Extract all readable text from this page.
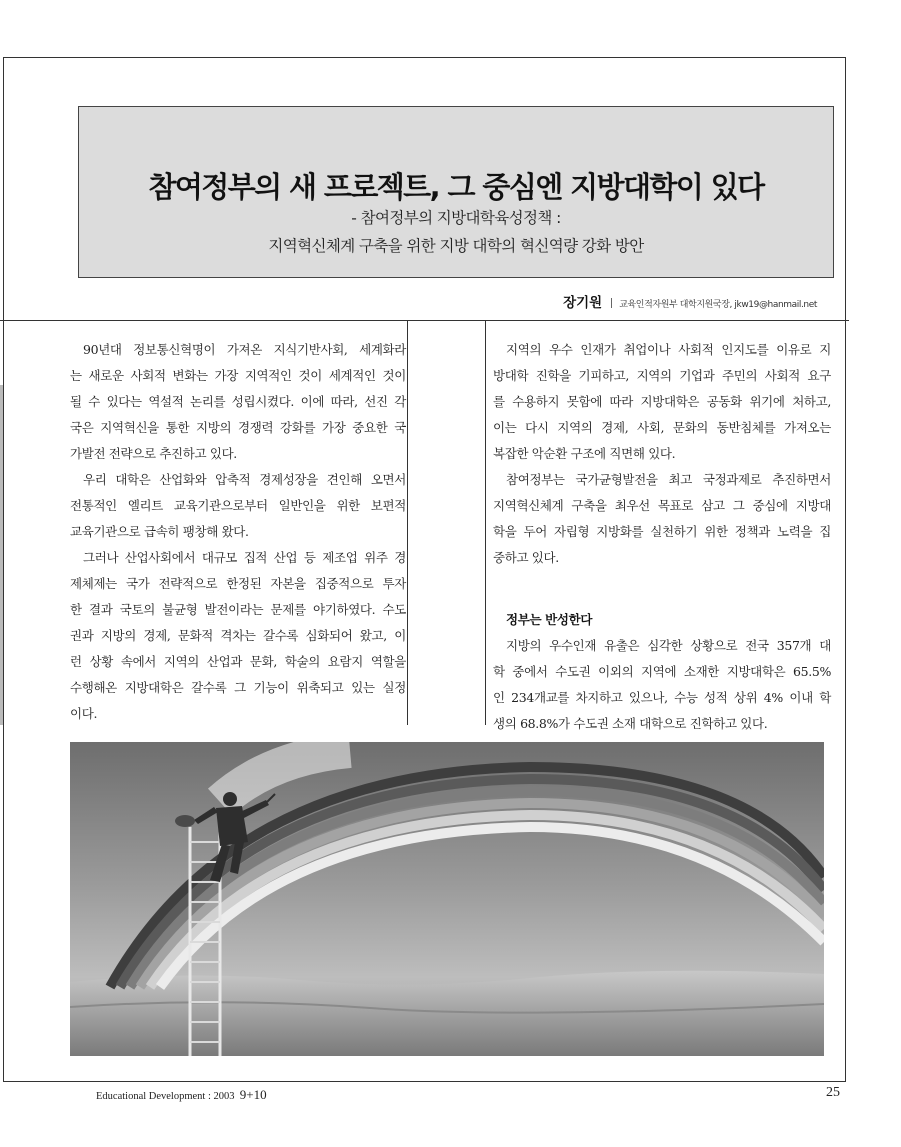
참여정부의 새 프로젝트, 그 중심엔 지방대학이 있다
- 참여정부의 지방대학육성정책 :
지역혁신체계 구축을 위한 지방 대학의 혁신역량 강화 방안
장기원 교육인적자원부 대학지원국장, jkw19@hanmail.net
90년대 정보통신혁명이 가져온 지식기반사회, 세계화라
는 새로운 사회적 변화는 가장 지역적인 것이 세계적인 것이
될 수 있다는 역설적 논리를 성립시켰다. 이에 따라, 선진 각
국은 지역혁신을 통한 지방의 경쟁력 강화를 가장 중요한 국
가발전 전략으로 추진하고 있다.
우리 대학은 산업화와 압축적 경제성장을 견인해 오면서
전통적인 엘리트 교육기관으로부터 일반인을 위한 보편적
교육기관으로 급속히 팽창해 왔다.
그러나 산업사회에서 대규모 집적 산업 등 제조업 위주 경
제체제는 국가 전략적으로 한정된 자본을 집중적으로 투자
한 결과 국토의 불균형 발전이라는 문제를 야기하였다. 수도
권과 지방의 경제, 문화적 격차는 갈수록 심화되어 왔고, 이
런 상황 속에서 지역의 산업과 문화, 학술의 요람지 역할을
수행해온 지방대학은 갈수록 그 기능이 위축되고 있는 실정
이다.
지역의 우수 인재가 취업이나 사회적 인지도를 이유로 지
방대학 진학을 기피하고, 지역의 기업과 주민의 사회적 요구
를 수용하지 못함에 따라 지방대학은 공동화 위기에 처하고,
이는 다시 지역의 경제, 사회, 문화의 동반침체를 가져오는
복잡한 악순환 구조에 직면해 있다.
참여정부는 국가균형발전을 최고 국정과제로 추진하면서
지역혁신체계 구축을 최우선 목표로 삼고 그 중심에 지방대
학을 두어 자립형 지방화를 실천하기 위한 정책과 노력을 집
중하고 있다.
정부는 반성한다
지방의 우수인재 유출은 심각한 상황으로 전국 357개 대
학 중에서 수도권 이외의 지역에 소재한 지방대학은 65.5%
인 234개교를 차지하고 있으나, 수능 성적 상위 4% 이내 학
생의 68.8%가 수도권 소재 대학으로 진학하고 있다.
Educational Development : 2003 9+10	25
